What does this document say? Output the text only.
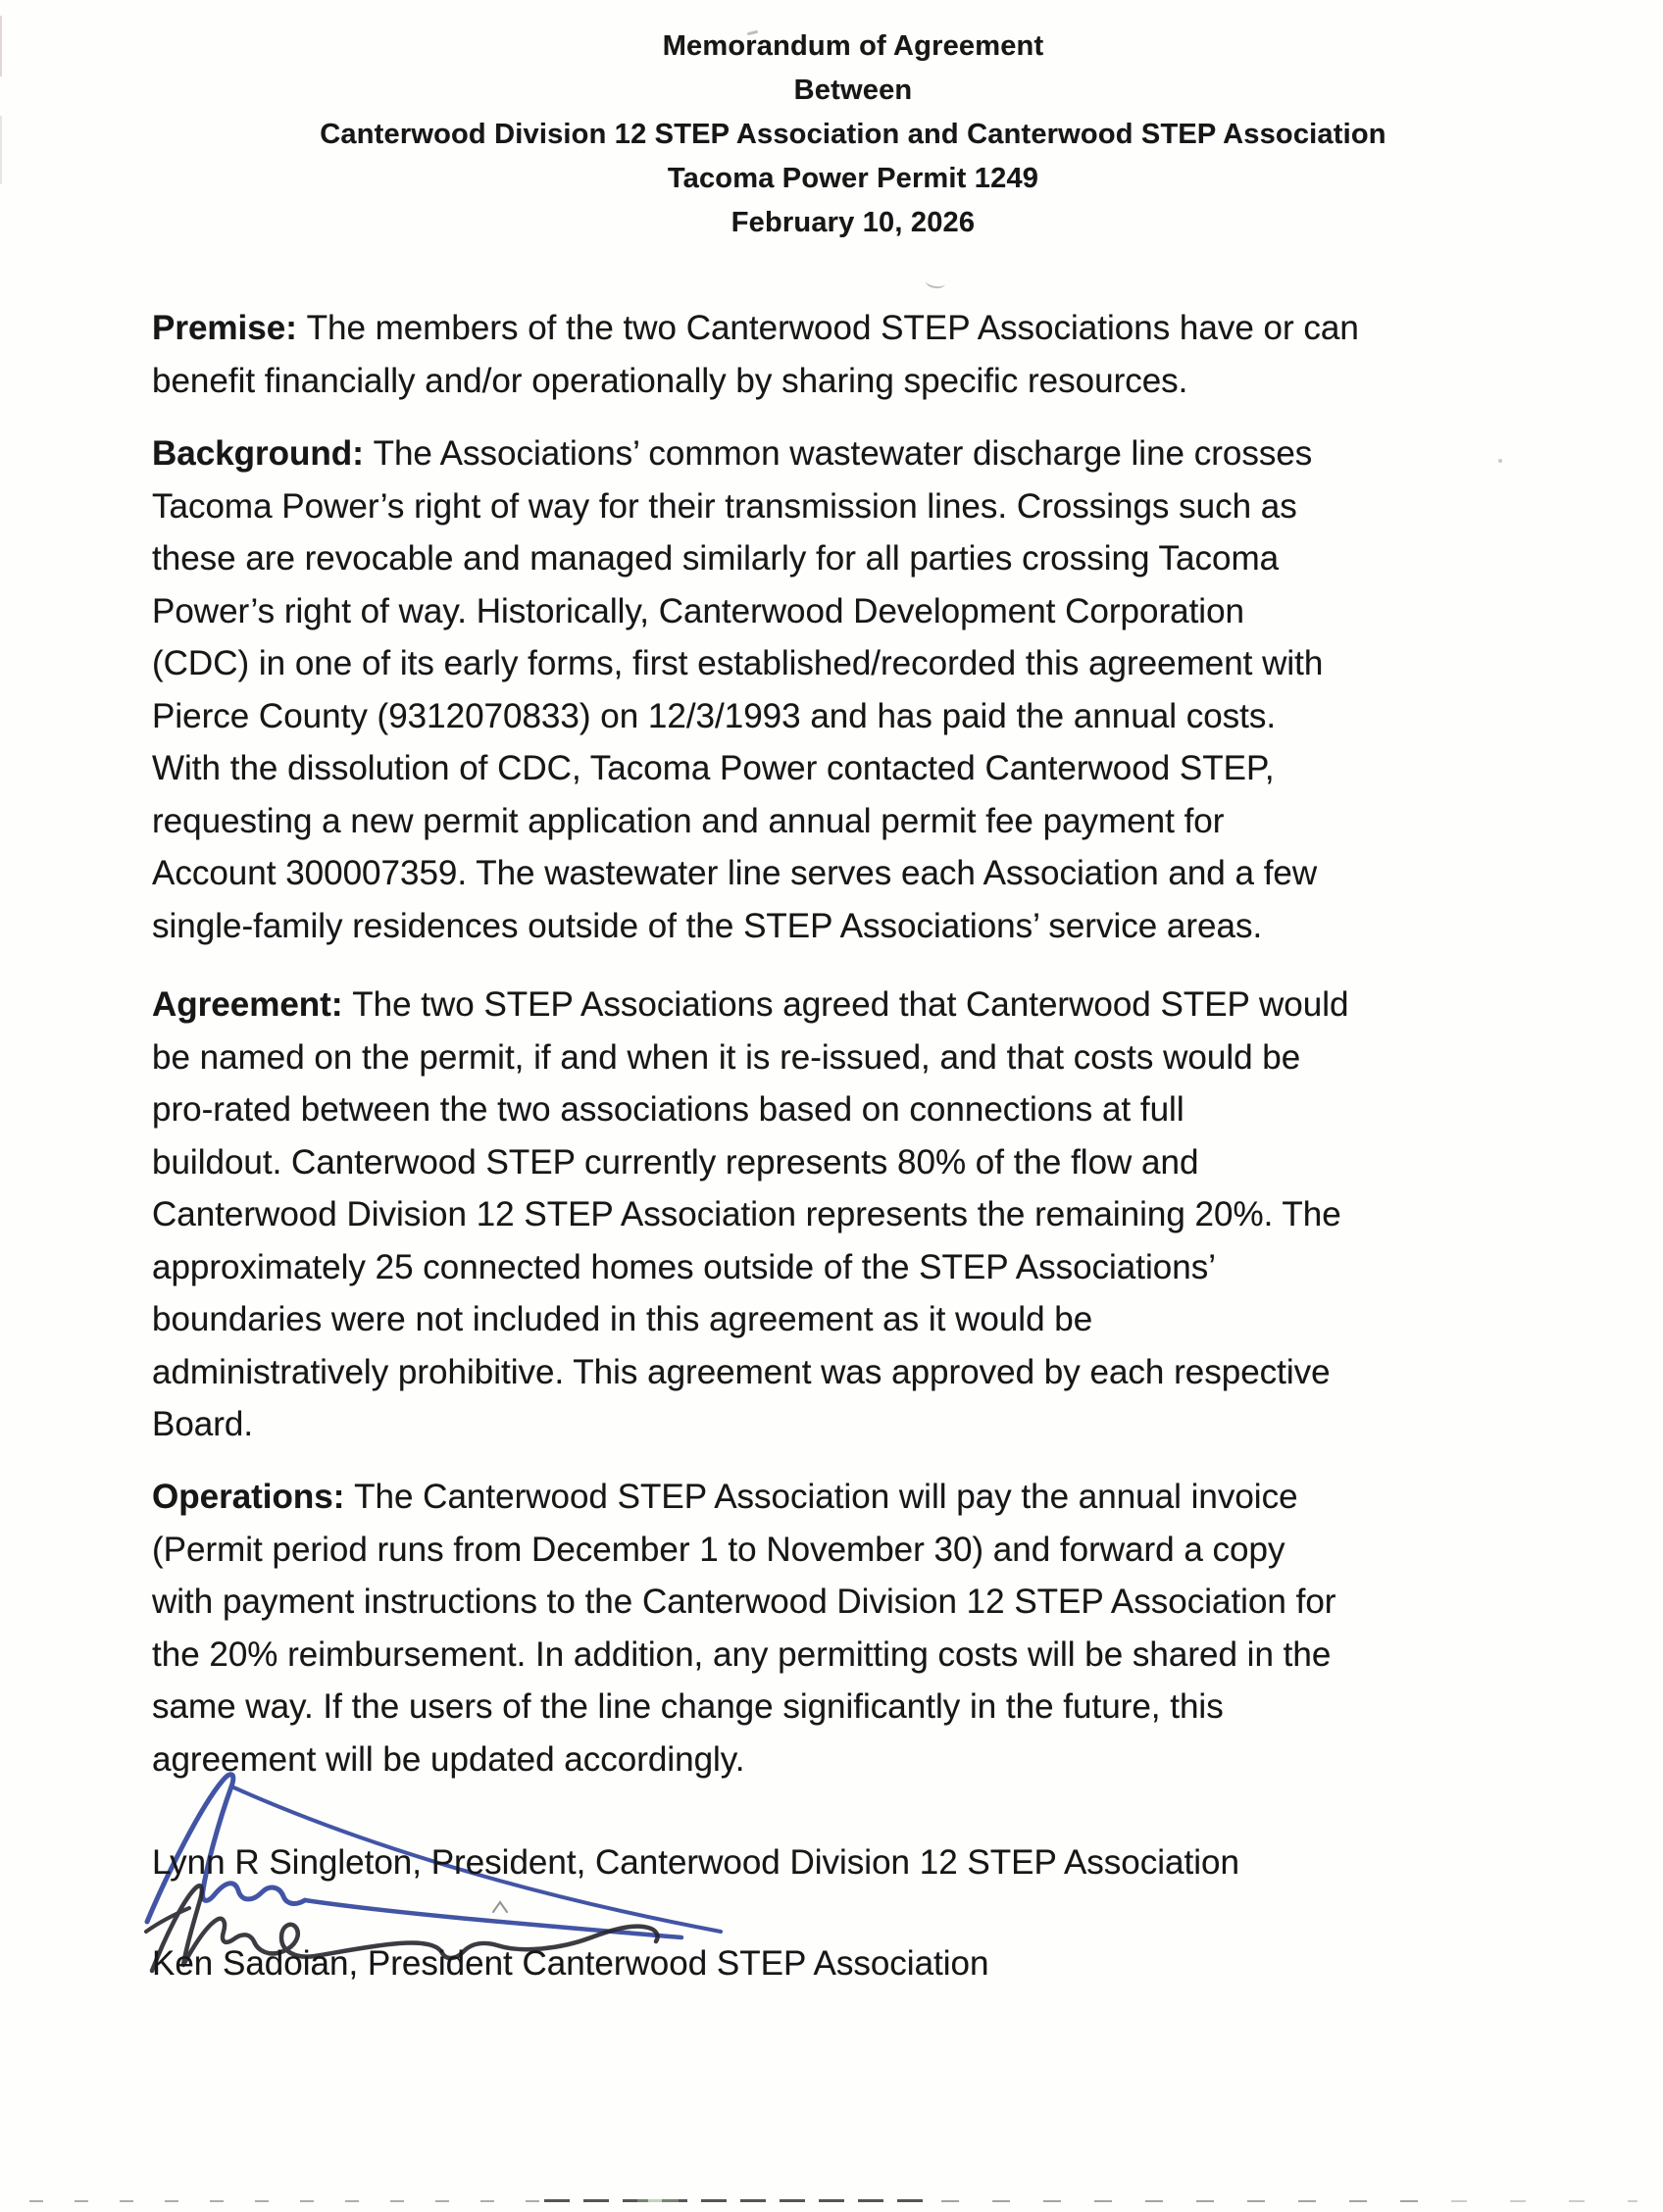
Memorandum of Agreement
Between
Canterwood Division 12 STEP Association and Canterwood STEP Association
Tacoma Power Permit 1249
February 10, 2026
Premise: The members of the two Canterwood STEP Associations have or can
benefit financially and/or operationally by sharing specific resources.
Background: The Associations’ common wastewater discharge line crosses
Tacoma Power’s right of way for their transmission lines. Crossings such as
these are revocable and managed similarly for all parties crossing Tacoma
Power’s right of way. Historically, Canterwood Development Corporation
(CDC) in one of its early forms, first established/recorded this agreement with
Pierce County (9312070833) on 12/3/1993 and has paid the annual costs.
With the dissolution of CDC, Tacoma Power contacted Canterwood STEP,
requesting a new permit application and annual permit fee payment for
Account 300007359. The wastewater line serves each Association and a few
single-family residences outside of the STEP Associations’ service areas.
Agreement: The two STEP Associations agreed that Canterwood STEP would
be named on the permit, if and when it is re-issued, and that costs would be
pro-rated between the two associations based on connections at full
buildout. Canterwood STEP currently represents 80% of the flow and
Canterwood Division 12 STEP Association represents the remaining 20%. The
approximately 25 connected homes outside of the STEP Associations’
boundaries were not included in this agreement as it would be
administratively prohibitive. This agreement was approved by each respective
Board.
Operations: The Canterwood STEP Association will pay the annual invoice
(Permit period runs from December 1 to November 30) and forward a copy
with payment instructions to the Canterwood Division 12 STEP Association for
the 20% reimbursement. In addition, any permitting costs will be shared in the
same way. If the users of the line change significantly in the future, this
agreement will be updated accordingly.
Lynn R Singleton, President, Canterwood Division 12 STEP Association
Ken Sadoian, President Canterwood STEP Association
